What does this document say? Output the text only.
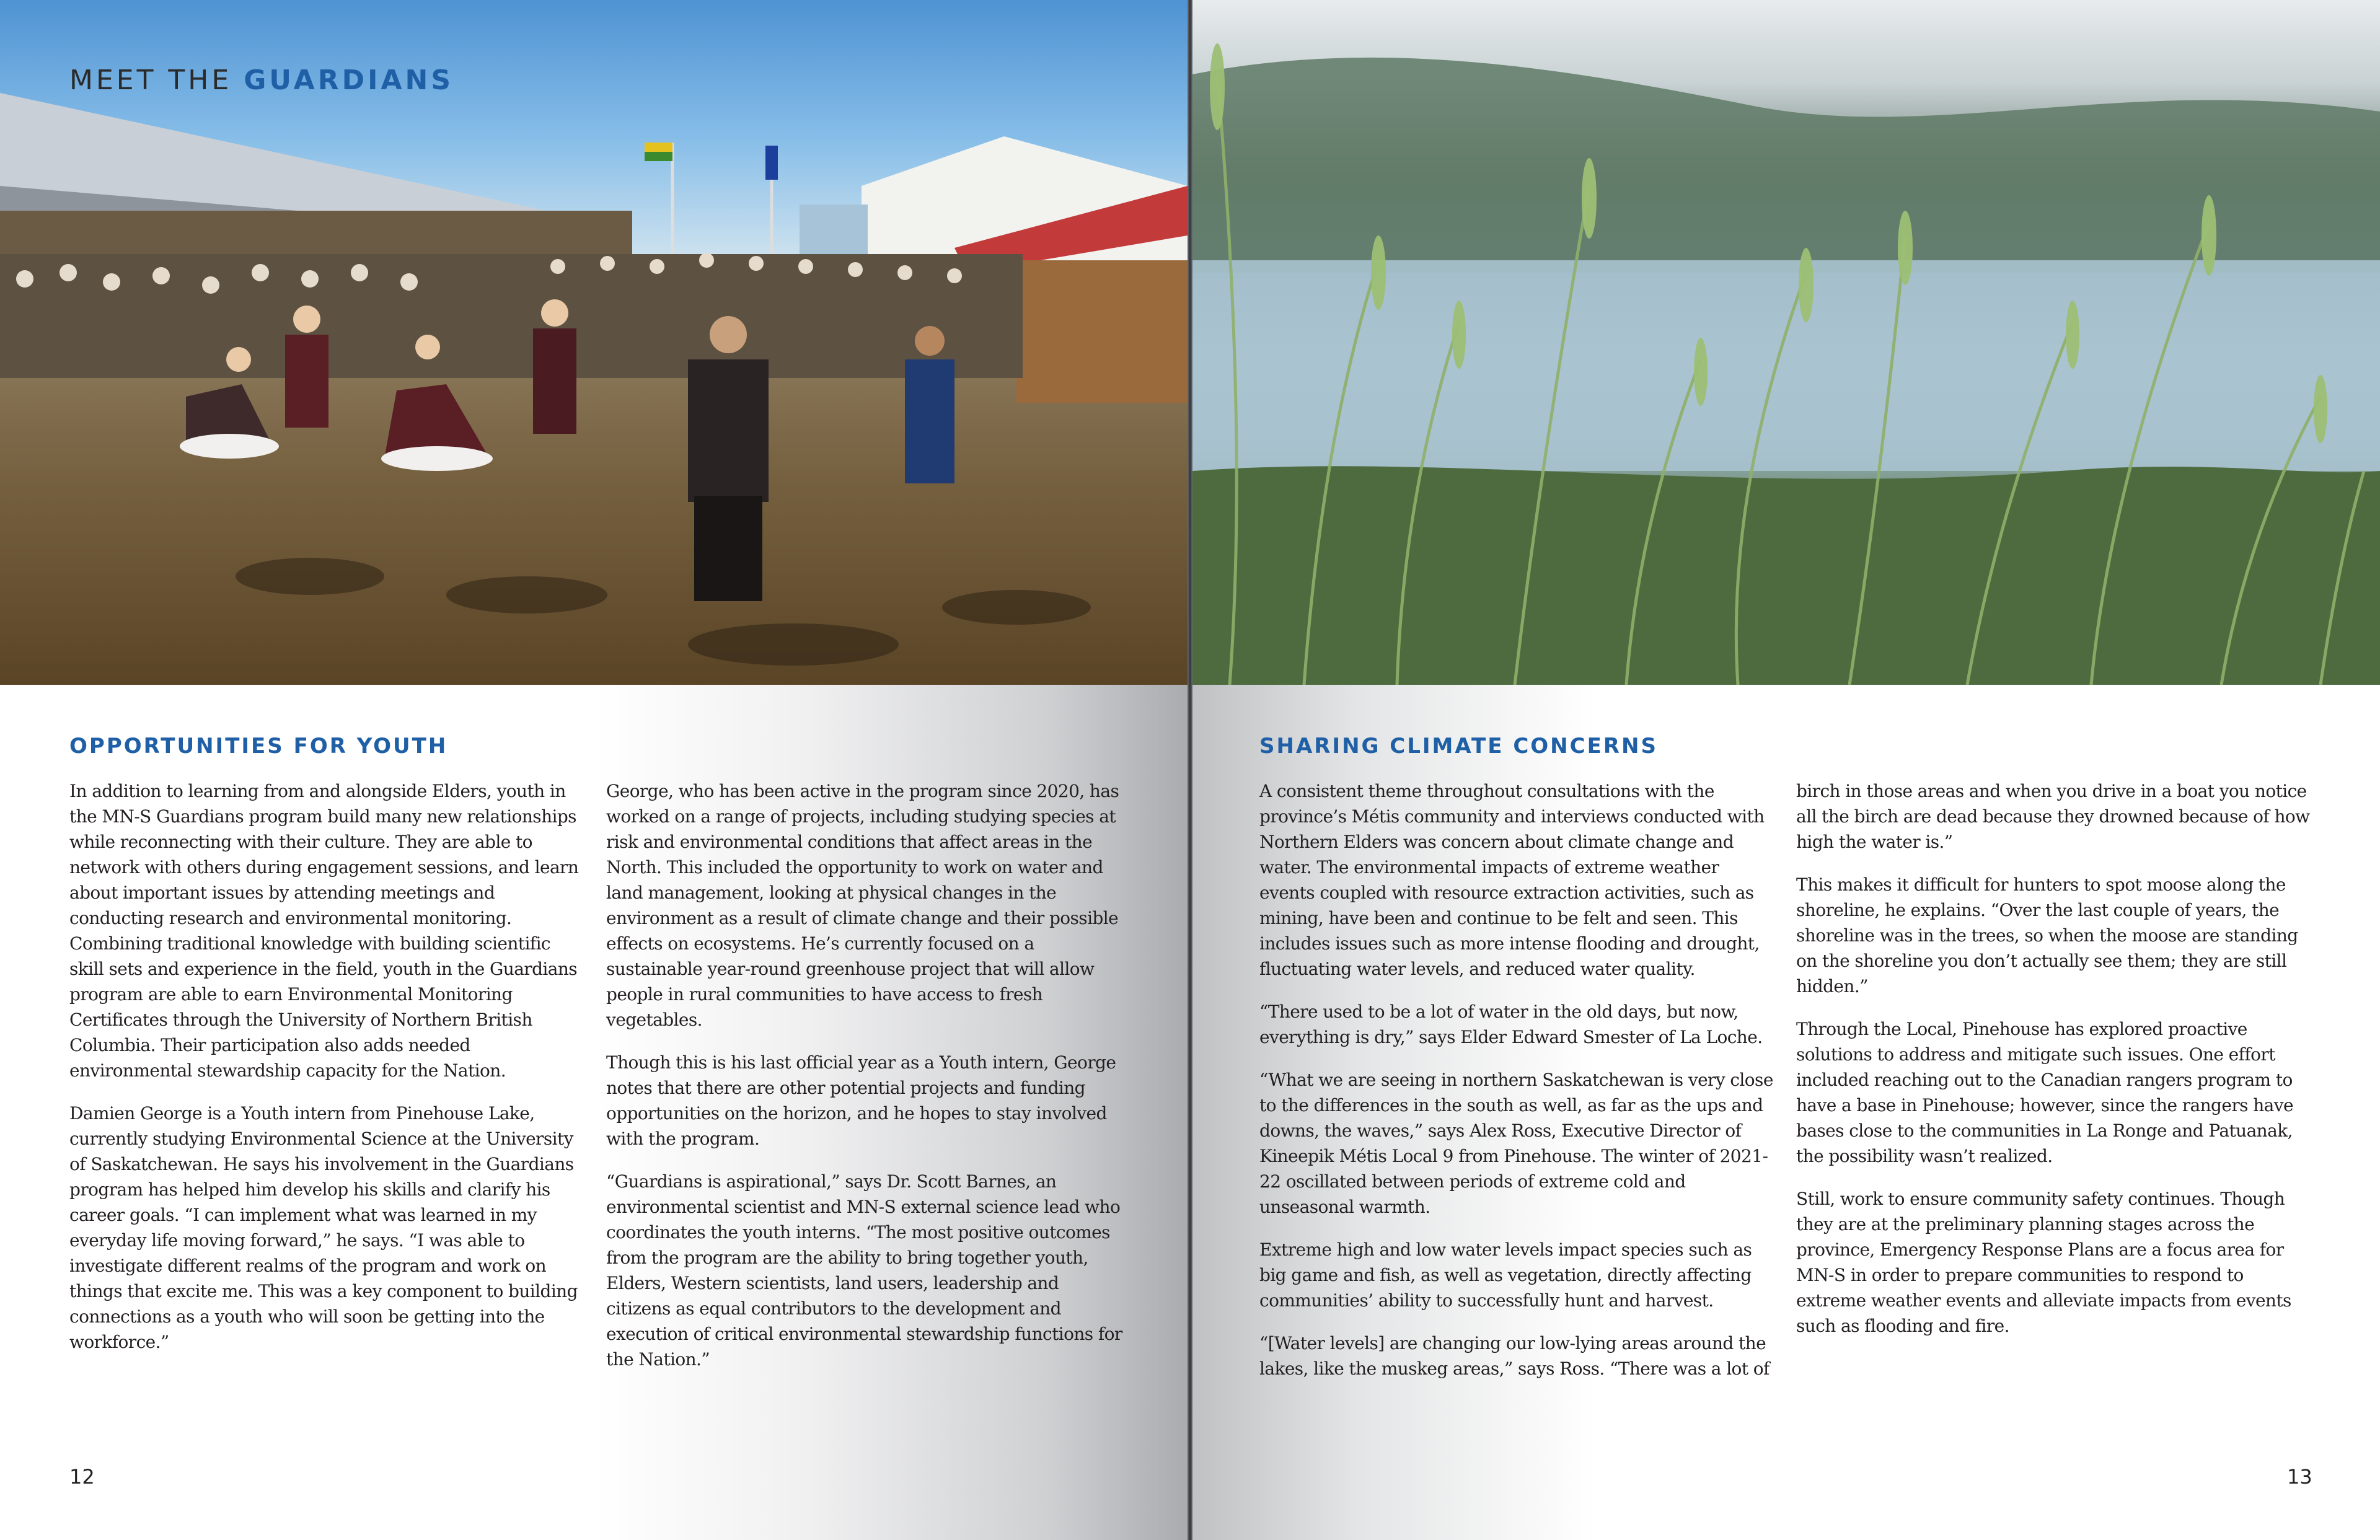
MEET THE GUARDIANS
OPPORTUNITIES FOR YOUTH

In addition to learning from and alongside Elders, youth in the MN-S Guardians program build many new relationships while reconnecting with their culture. They are able to network with others during engagement sessions, and learn about important issues by attending meetings and conducting research and environmental monitoring. Combining traditional knowledge with building scientific skill sets and experience in the field, youth in the Guardians program are able to earn Environmental Monitoring Certificates through the University of Northern British Columbia. Their participation also adds needed environmental stewardship capacity for the Nation.

Damien George is a Youth intern from Pinehouse Lake, currently studying Environmental Science at the University of Saskatchewan. He says his involvement in the Guardians program has helped him develop his skills and clarify his career goals. “I can implement what was learned in my everyday life moving forward,” he says. “I was able to investigate different realms of the program and work on things that excite me. This was a key component to building connections as a youth who will soon be getting into the workforce.”

George, who has been active in the program since 2020, has worked on a range of projects, including studying species at risk and environmental conditions that affect areas in the North. This included the opportunity to work on water and land management, looking at physical changes in the environment as a result of climate change and their possible effects on ecosystems. He’s currently focused on a sustainable year-round greenhouse project that will allow people in rural communities to have access to fresh vegetables.

Though this is his last official year as a Youth intern, George notes that there are other potential projects and funding opportunities on the horizon, and he hopes to stay involved with the program.

“Guardians is aspirational,” says Dr. Scott Barnes, an environmental scientist and MN-S external science lead who coordinates the youth interns. “The most positive outcomes from the program are the ability to bring together youth, Elders, Western scientists, land users, leadership and citizens as equal contributors to the development and execution of critical environmental stewardship functions for the Nation.”

12
SHARING CLIMATE CONCERNS

A consistent theme throughout consultations with the province’s Métis community and interviews conducted with Northern Elders was concern about climate change and water. The environmental impacts of extreme weather events coupled with resource extraction activities, such as mining, have been and continue to be felt and seen. This includes issues such as more intense flooding and drought, fluctuating water levels, and reduced water quality.

“There used to be a lot of water in the old days, but now, everything is dry,” says Elder Edward Smester of La Loche.

“What we are seeing in northern Saskatchewan is very close to the differences in the south as well, as far as the ups and downs, the waves,” says Alex Ross, Executive Director of Kineepik Métis Local 9 from Pinehouse. The winter of 2021-22 oscillated between periods of extreme cold and unseasonal warmth.

Extreme high and low water levels impact species such as big game and fish, as well as vegetation, directly affecting communities’ ability to successfully hunt and harvest.

“[Water levels] are changing our low-lying areas around the lakes, like the muskeg areas,” says Ross. “There was a lot of

birch in those areas and when you drive in a boat you notice all the birch are dead because they drowned because of how high the water is.”

This makes it difficult for hunters to spot moose along the shoreline, he explains. “Over the last couple of years, the shoreline was in the trees, so when the moose are standing on the shoreline you don’t actually see them; they are still hidden.”

Through the Local, Pinehouse has explored proactive solutions to address and mitigate such issues. One effort included reaching out to the Canadian rangers program to have a base in Pinehouse; however, since the rangers have bases close to the communities in La Ronge and Patuanak, the possibility wasn’t realized.

Still, work to ensure community safety continues. Though they are at the preliminary planning stages across the province, Emergency Response Plans are a focus area for MN-S in order to prepare communities to respond to extreme weather events and alleviate impacts from events such as flooding and fire.

13
